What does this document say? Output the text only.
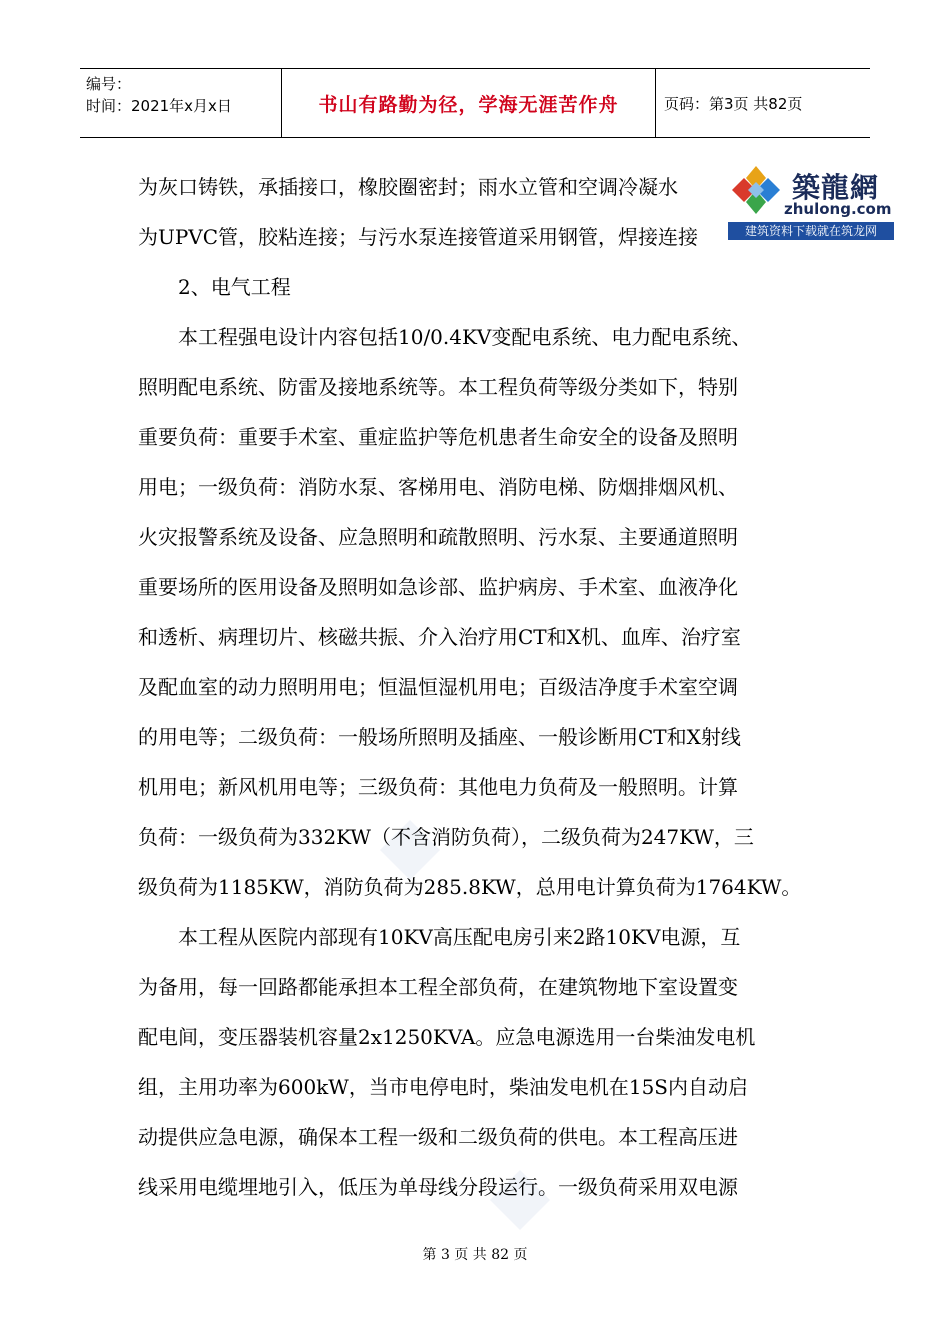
编号：
时间：2021年x月x日	书山有路勤为径，学海无涯苦作舟	页码：第3页 共82页
为灰口铸铁，承插接口，橡胶圈密封；雨水立管和空调冷凝水
为UPVC管，胶粘连接；与污水泵连接管道采用钢管，焊接连接
2、电气工程
本工程强电设计内容包括10/0.4KV变配电系统、电力配电系统、
照明配电系统、防雷及接地系统等。本工程负荷等级分类如下，特别
重要负荷：重要手术室、重症监护等危机患者生命安全的设备及照明
用电；一级负荷：消防水泵、客梯用电、消防电梯、防烟排烟风机、
火灾报警系统及设备、应急照明和疏散照明、污水泵、主要通道照明
重要场所的医用设备及照明如急诊部、监护病房、手术室、血液净化
和透析、病理切片、核磁共振、介入治疗用CT和X机、血库、治疗室
及配血室的动力照明用电；恒温恒湿机用电；百级洁净度手术室空调
的用电等；二级负荷：一般场所照明及插座、一般诊断用CT和X射线
机用电；新风机用电等；三级负荷：其他电力负荷及一般照明。计算
负荷：一级负荷为332KW（不含消防负荷），二级负荷为247KW，三
级负荷为1185KW，消防负荷为285.8KW，总用电计算负荷为1764KW。
本工程从医院内部现有10KV高压配电房引来2路10KV电源，互
为备用，每一回路都能承担本工程全部负荷，在建筑物地下室设置变
配电间，变压器装机容量2x1250KVA。应急电源选用一台柴油发电机
组，主用功率为600kW，当市电停电时，柴油发电机在15S内自动启
动提供应急电源，确保本工程一级和二级负荷的供电。本工程高压进
线采用电缆埋地引入，低压为单母线分段运行。一级负荷采用双电源
築龍網
zhulong.com
建筑资料下载就在筑龙网
第 3 页 共 82 页
